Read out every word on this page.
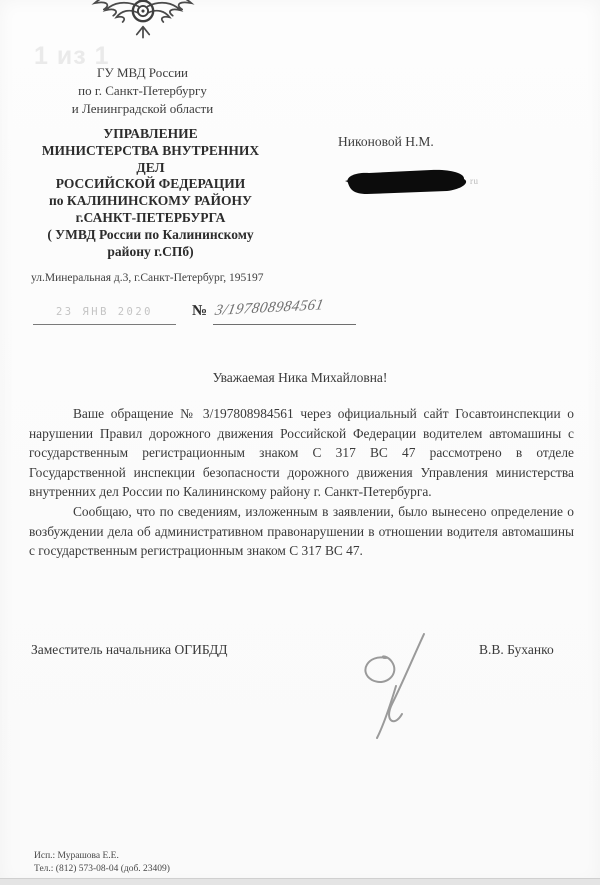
1 из 1
ГУ МВД России
по г. Санкт-Петербургу
и Ленинградской области
УПРАВЛЕНИЕ
МИНИСТЕРСТВА ВНУТРЕННИХ
ДЕЛ
РОССИЙСКОЙ ФЕДЕРАЦИИ
по КАЛИНИНСКОМУ РАЙОНУ
г.САНКТ-ПЕТЕРБУРГА
( УМВД России по Калининскому
району г.СПб)
Никоновой Н.М.
ru
ул.Минеральная д.3, г.Санкт-Петербург, 195197
23 ЯНВ 2020	№ 3/197808984561
Уважаемая Ника Михайловна!

Ваше обращение № 3/197808984561 через официальный сайт Госавтоинспекции о нарушении Правил дорожного движения Российской Федерации водителем автомашины с государственным регистрационным знаком С 317 ВС 47 рассмотрено в отделе Государственной инспекции безопасности дорожного движения Управления министерства внутренних дел России по Калининскому району г. Санкт-Петербурга.

Сообщаю, что по сведениям, изложенным в заявлении, было вынесено определение о возбуждении дела об административном правонарушении в отношении водителя автомашины с государственным регистрационным знаком С 317 ВС 47.

Заместитель начальника ОГИБДД	В.В. Буханко
Исп.: Мурашова Е.Е.
Тел.: (812) 573-08-04 (доб. 23409)
